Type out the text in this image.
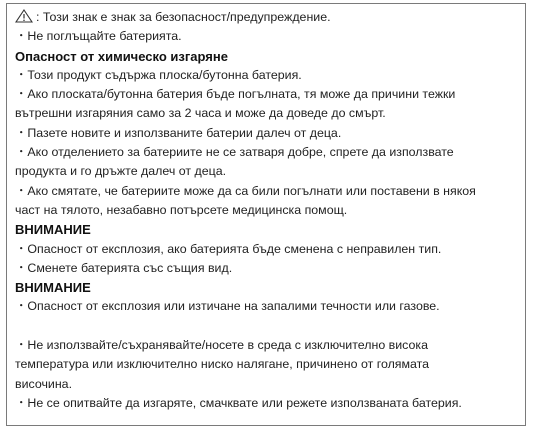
: Този знак е знак за безопасност/предупреждение.
・Не поглъщайте батерията.
Опасност от химическо изгаряне
・Този продукт съдържа плоска/бутонна батерия.
・Ако плоската/бутонна батерия бъде погълната, тя може да причини тежки
вътрешни изгаряния само за 2 часа и може да доведе до смърт.
・Пазете новите и използваните батерии далеч от деца.
・Ако отделението за батериите не се затваря добре, спрете да използвате
продукта и го дръжте далеч от деца.
・Ако смятате, че батериите може да са били погълнати или поставени в някоя
част на тялото, незабавно потърсете медицинска помощ.
ВНИМАНИЕ
・Опасност от експлозия, ако батерията бъде сменена с неправилен тип.
・Сменете батерията със същия вид.
ВНИМАНИЕ
・Опасност от експлозия или изтичане на запалими течности или газове.
・Не използвайте/съхранявайте/носете в среда с изключително висока
температура или изключително ниско налягане, причинено от голямата
височина.
・Не се опитвайте да изгаряте, смачквате или режете използваната батерия.
